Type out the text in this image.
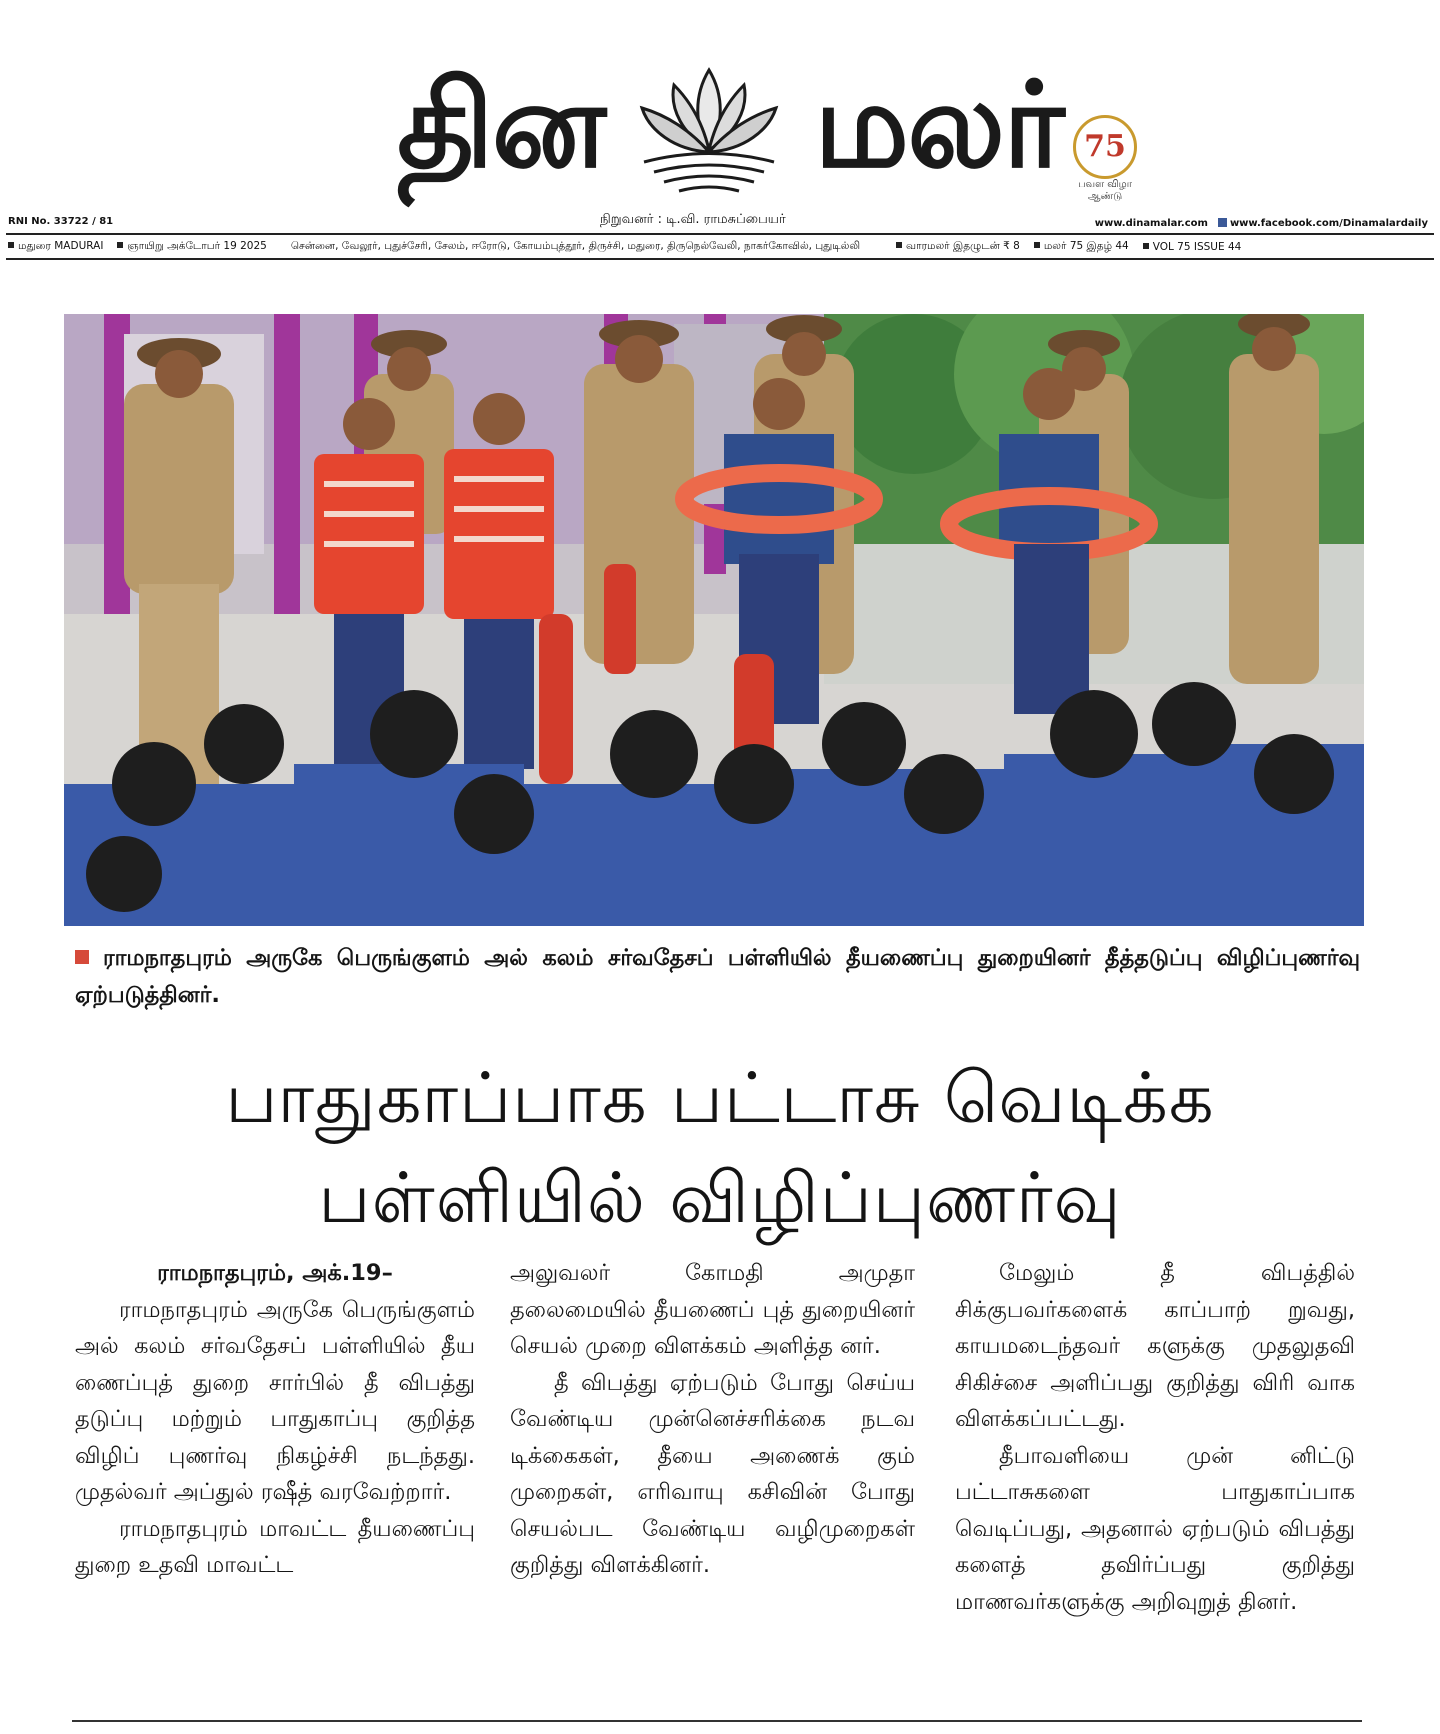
தின மலர் 75
பவள விழா ஆண்டு
RNI No. 33722 / 81	நிறுவனர் : டி.வி. ராமசுப்பையர்	www.dinamalar.com www.facebook.com/Dinamalardaily
மதுரை MADURAI	ஞாயிறு அக்டோபர் 19 2025 சென்னை, வேலூர், புதுச்சேரி, சேலம், ஈரோடு, கோயம்புத்தூர், திருச்சி, மதுரை, திருநெல்வேலி, நாகர்கோவில், புதுடில்லி	வாரமலர் இதழுடன் ₹ 8	மலர் 75 இதழ் 44	VOL 75 ISSUE 44
ராமநாதபுரம் அருகே பெருங்குளம் அல் கலம் சர்வதேசப் பள்ளியில் தீயணைப்பு துறையினர் தீத்தடுப்பு விழிப்புணர்வு ஏற்படுத்தினர்.
பாதுகாப்பாக பட்டாசு வெடிக்க
பள்ளியில் விழிப்புணர்வு

ராமநாதபுரம், அக்.19–

ராமநாதபுரம் அருகே பெருங்குளம் அல் கலம் சர்வதேசப் பள்ளியில் தீய ணைப்புத் துறை சார்பில் தீ விபத்து தடுப்பு மற்றும் பாதுகாப்பு குறித்த விழிப் புணர்வு நிகழ்ச்சி நடந்தது. முதல்வர் அப்துல் ரஷீத் வரவேற்றார்.

ராமநாதபுரம் மாவட்ட தீயணைப்பு துறை உதவி மாவட்ட

அலுவலர் கோமதி அமுதா தலைமையில் தீயணைப் புத் துறையினர் செயல் முறை விளக்கம் அளித்த னர்.

தீ விபத்து ஏற்படும் போது செய்ய வேண்டிய முன்னெச்சரிக்கை நடவ டிக்கைகள், தீயை அணைக் கும் முறைகள், எரிவாயு கசிவின் போது செயல்பட வேண்டிய வழிமுறைகள் குறித்து விளக்கினர்.

மேலும் தீ விபத்தில் சிக்குபவர்களைக் காப்பாற் றுவது, காயமடைந்தவர் களுக்கு முதலுதவி சிகிச்சை அளிப்பது குறித்து விரி வாக விளக்கப்பட்டது.

தீபாவளியை முன் னிட்டு பட்டாசுகளை பாதுகாப்பாக வெடிப்பது, அதனால் ஏற்படும் விபத்து களைத் தவிர்ப்பது குறித்து மாணவர்களுக்கு அறிவுறுத் தினர்.
